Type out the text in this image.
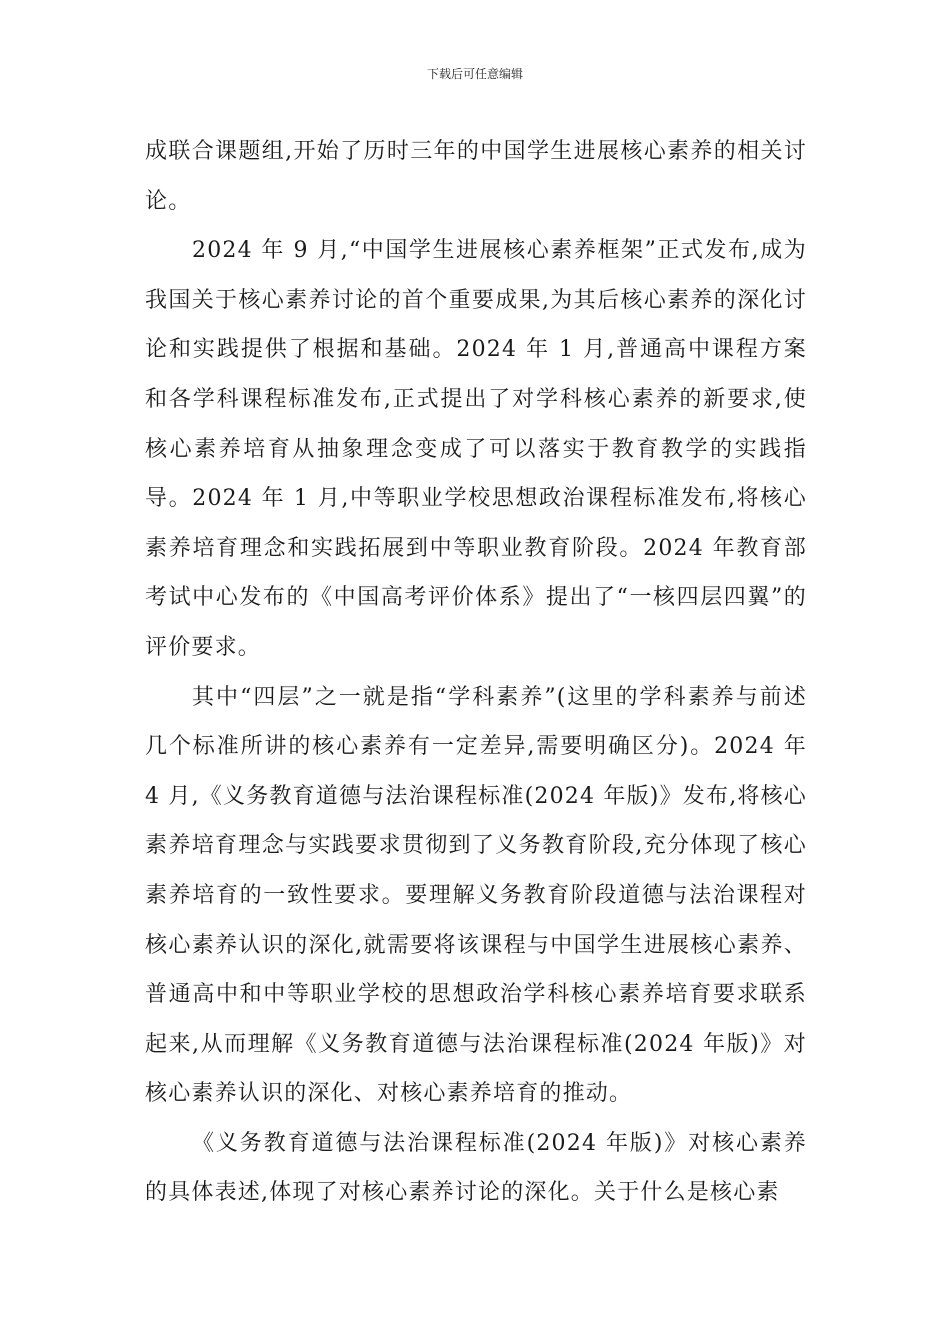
下载后可任意编辑

成联合课题组,开始了历时三年的中国学生进展核心素养的相关讨论。

2024 年 9 月,“中国学生进展核心素养框架”正式发布,成为我国关于核心素养讨论的首个重要成果,为其后核心素养的深化讨论和实践提供了根据和基础。2024 年 1 月,普通高中课程方案和各学科课程标准发布,正式提出了对学科核心素养的新要求,使核心素养培育从抽象理念变成了可以落实于教育教学的实践指导。2024 年 1 月,中等职业学校思想政治课程标准发布,将核心素养培育理念和实践拓展到中等职业教育阶段。2024 年教育部考试中心发布的《中国高考评价体系》提出了“一核四层四翼”的评价要求。

其中“四层”之一就是指“学科素养”(这里的学科素养与前述几个标准所讲的核心素养有一定差异,需要明确区分)。2024 年 4 月,《义务教育道德与法治课程标准(2024 年版)》发布,将核心素养培育理念与实践要求贯彻到了义务教育阶段,充分体现了核心素养培育的一致性要求。要理解义务教育阶段道德与法治课程对核心素养认识的深化,就需要将该课程与中国学生进展核心素养、普通高中和中等职业学校的思想政治学科核心素养培育要求联系起来,从而理解《义务教育道德与法治课程标准(2024 年版)》对核心素养认识的深化、对核心素养培育的推动。

《义务教育道德与法治课程标准(2024 年版)》对核心素养的具体表述,体现了对核心素养讨论的深化。关于什么是核心素
